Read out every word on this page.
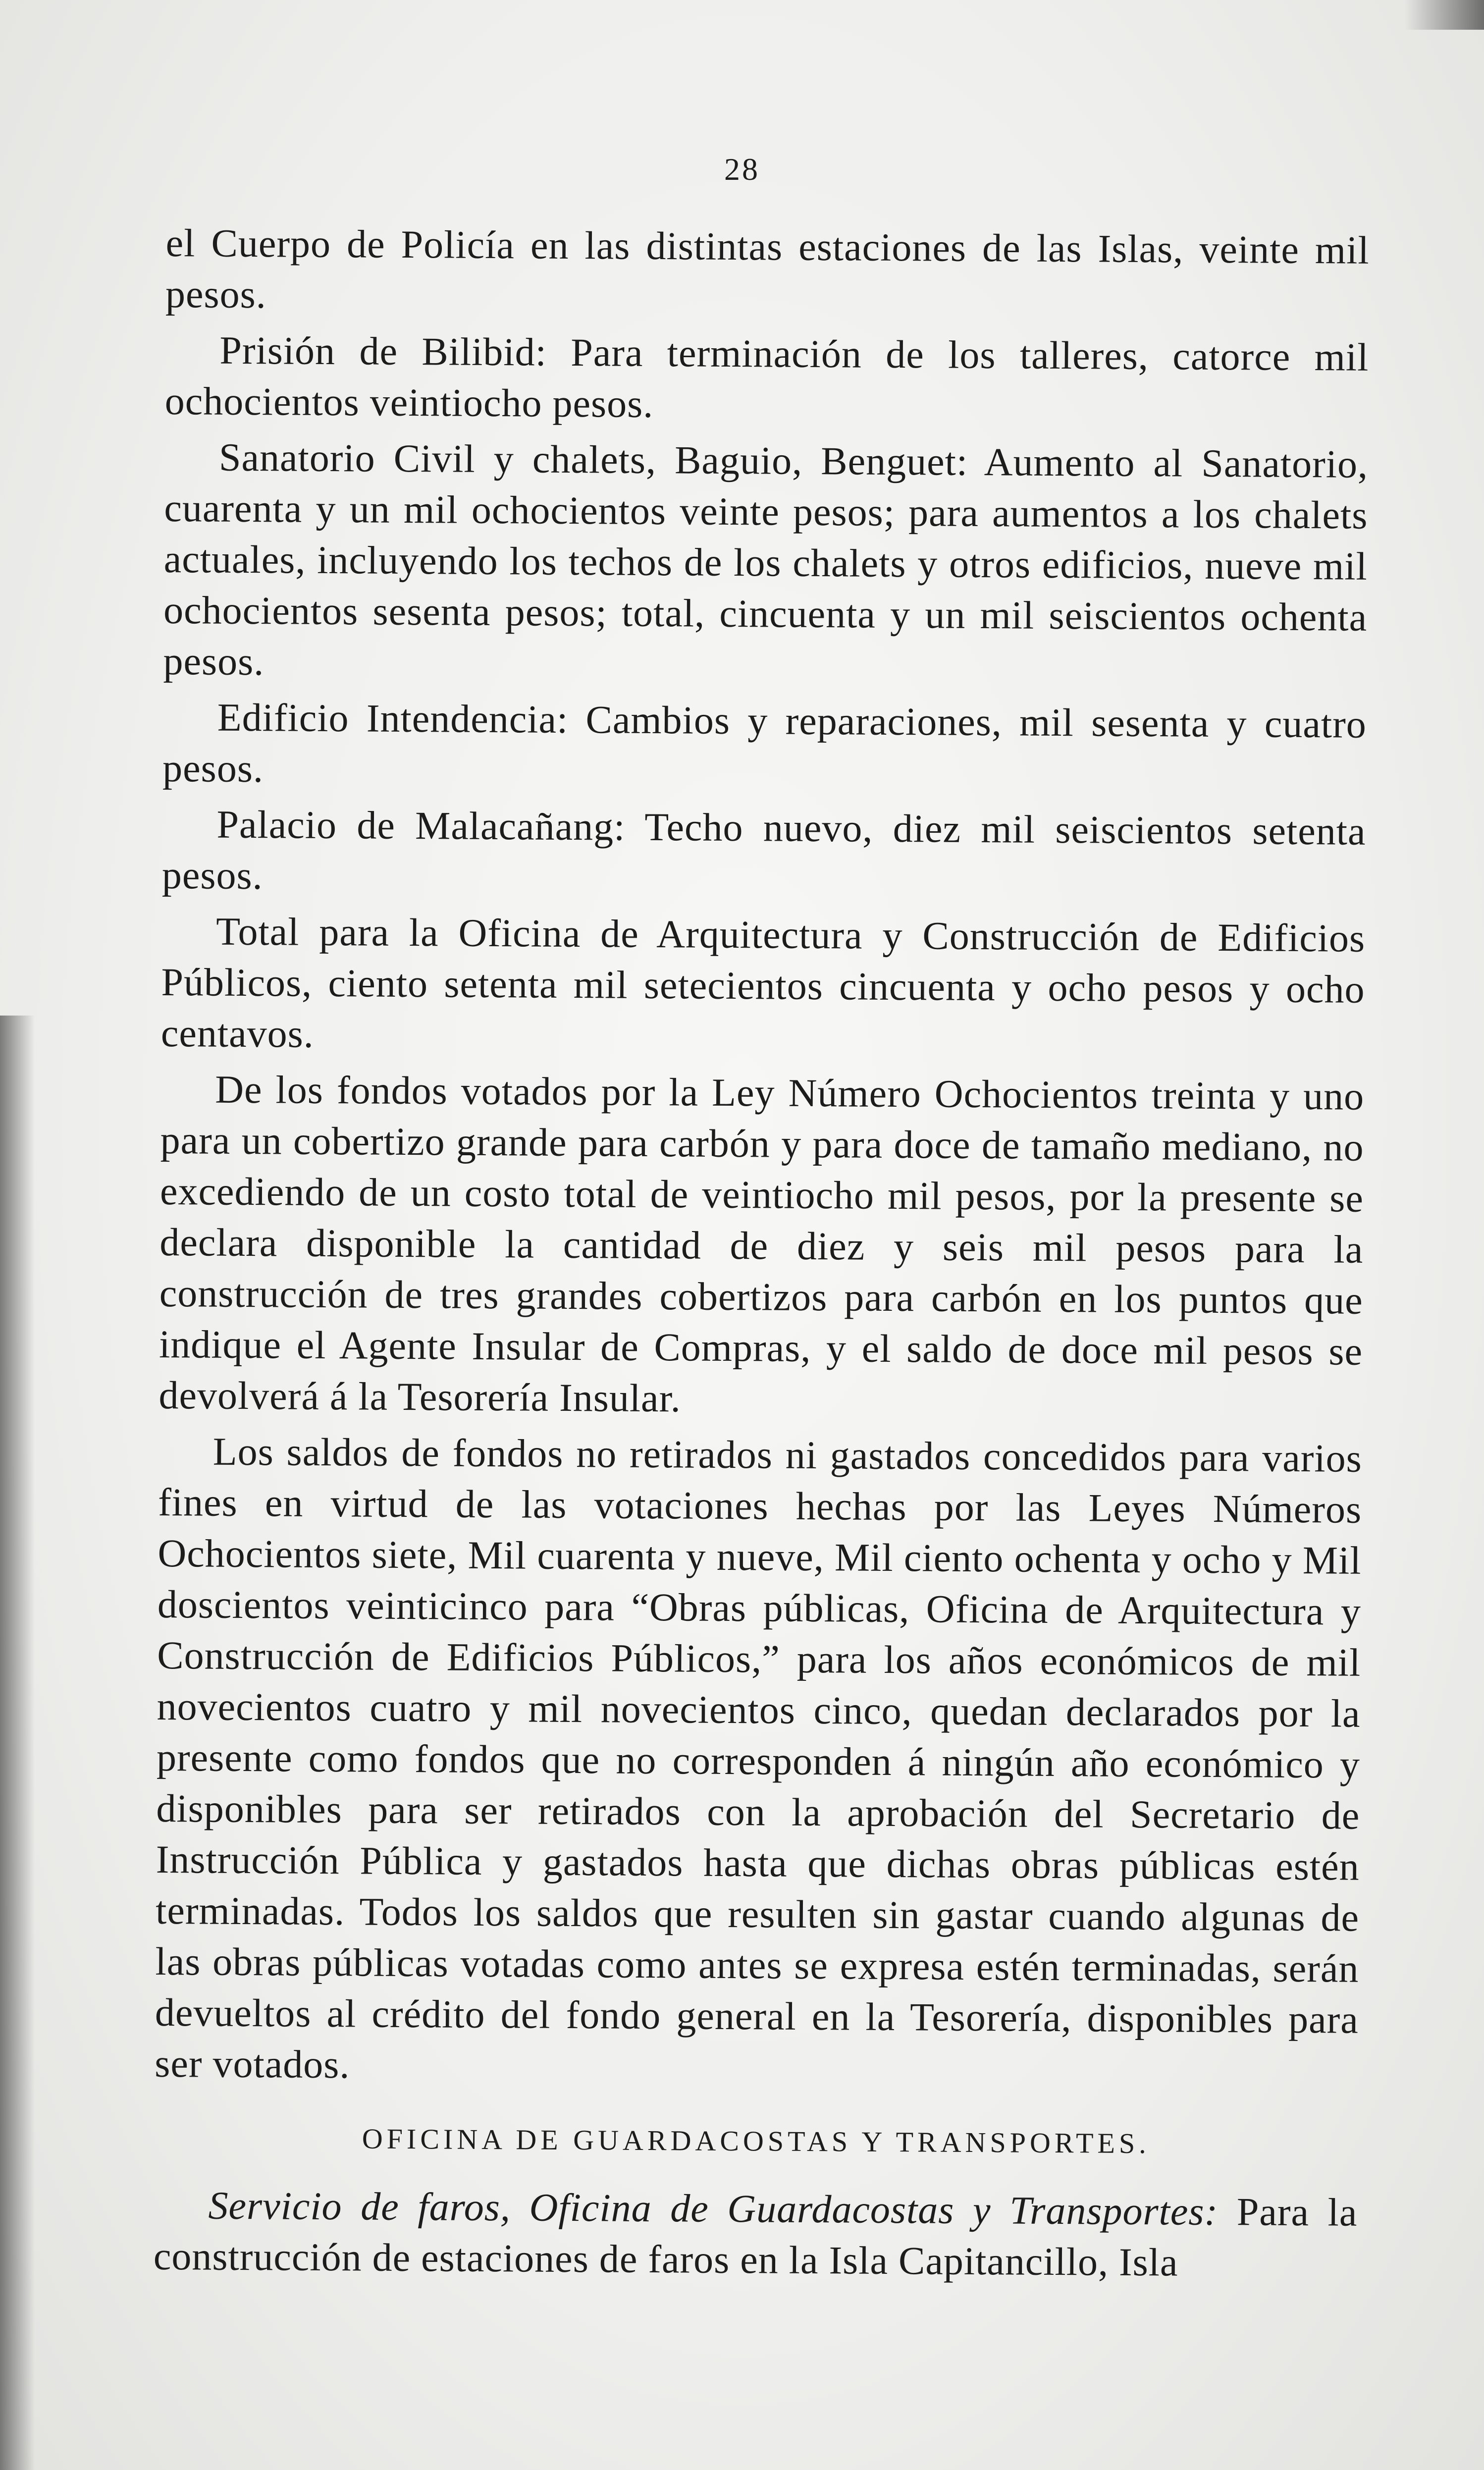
28

el Cuerpo de Policía en las distintas estaciones de las Islas, veinte mil pesos.

Prisión de Bilibid: Para terminación de los talleres, catorce mil ochocientos veintiocho pesos.

Sanatorio Civil y chalets, Baguio, Benguet: Aumento al Sanatorio, cuarenta y un mil ochocientos veinte pesos; para aumentos a los chalets actuales, incluyendo los techos de los chalets y otros edificios, nueve mil ochocientos sesenta pesos; total, cincuenta y un mil seiscientos ochenta pesos.

Edificio Intendencia: Cambios y reparaciones, mil sesenta y cuatro pesos.

Palacio de Malacañang: Techo nuevo, diez mil seiscientos setenta pesos.

Total para la Oficina de Arquitectura y Construcción de Edificios Públicos, ciento setenta mil setecientos cincuenta y ocho pesos y ocho centavos.

De los fondos votados por la Ley Número Ochocientos treinta y uno para un cobertizo grande para carbón y para doce de tamaño mediano, no excediendo de un costo total de veintiocho mil pesos, por la presente se declara disponible la cantidad de diez y seis mil pesos para la construcción de tres grandes cobertizos para carbón en los puntos que indique el Agente Insular de Compras, y el saldo de doce mil pesos se devolverá á la Tesorería Insular.

Los saldos de fondos no retirados ni gastados concedidos para varios fines en virtud de las votaciones hechas por las Leyes Números Ochocientos siete, Mil cuarenta y nueve, Mil ciento ochenta y ocho y Mil doscientos veinticinco para “Obras públicas, Oficina de Arquitectura y Construcción de Edificios Públicos,” para los años económicos de mil novecientos cuatro y mil novecientos cinco, quedan declarados por la presente como fondos que no corresponden á ningún año económico y disponibles para ser retirados con la aprobación del Secretario de Instrucción Pública y gastados hasta que dichas obras públicas estén terminadas. Todos los saldos que resulten sin gastar cuando algunas de las obras públicas votadas como antes se expresa estén terminadas, serán devueltos al crédito del fondo general en la Tesorería, disponibles para ser votados.

OFICINA DE GUARDACOSTAS Y TRANSPORTES.

Servicio de faros, Oficina de Guardacostas y Transportes: Para la construcción de estaciones de faros en la Isla Capitancillo, Isla
